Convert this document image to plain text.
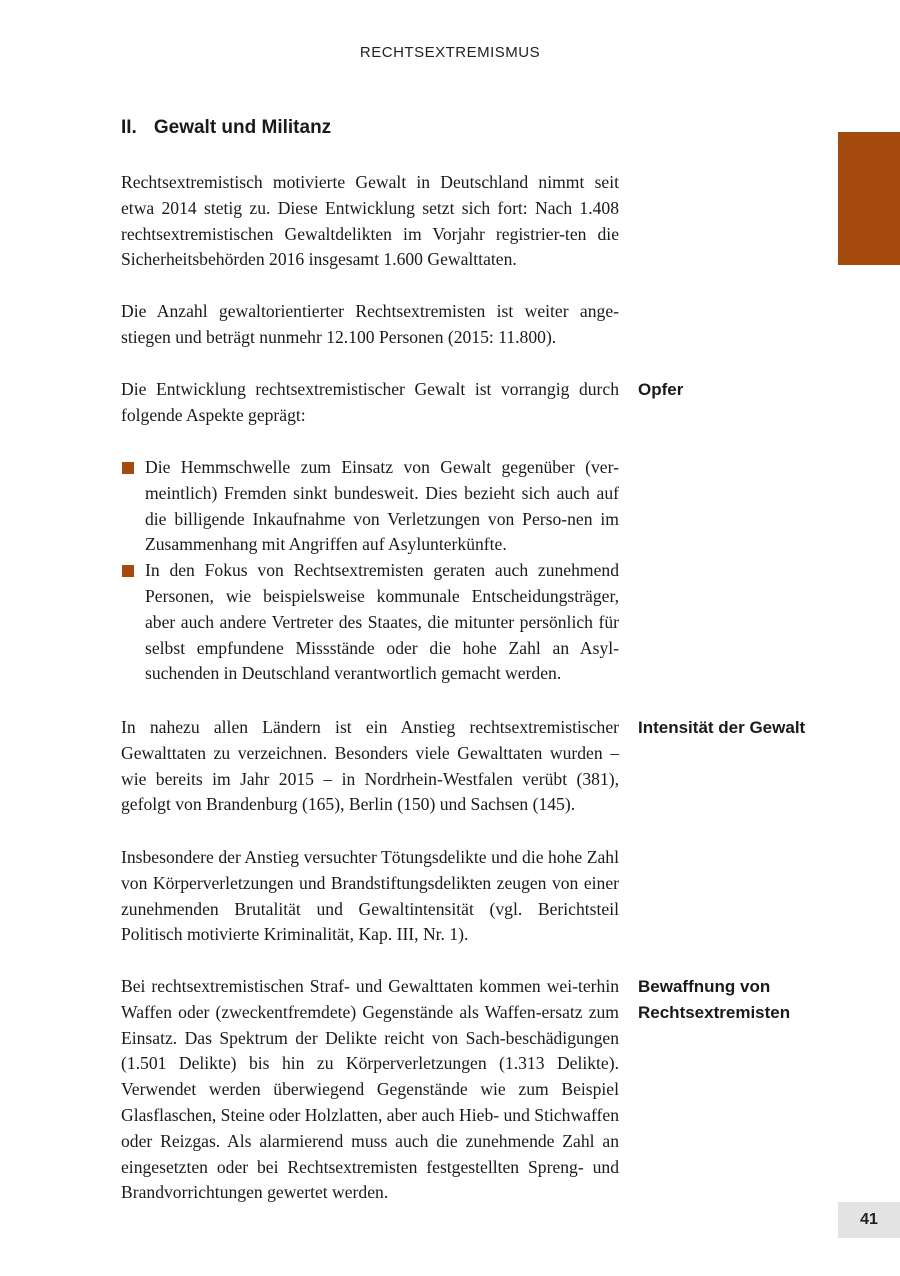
RECHTSEXTREMISMUS
II. Gewalt und Militanz

Rechtsextremistisch motivierte Gewalt in Deutschland nimmt seit etwa 2014 stetig zu. Diese Entwicklung setzt sich fort: Nach 1.408 rechtsextremistischen Gewaltdelikten im Vorjahr registrier-ten die Sicherheitsbehörden 2016 insgesamt 1.600 Gewalttaten.

Die Anzahl gewaltorientierter Rechtsextremisten ist weiter ange-stiegen und beträgt nunmehr 12.100 Personen (2015: 11.800).

Die Entwicklung rechtsextremistischer Gewalt ist vorrangig durch folgende Aspekte geprägt:

Die Hemmschwelle zum Einsatz von Gewalt gegenüber (ver-meintlich) Fremden sinkt bundesweit. Dies bezieht sich auch auf die billigende Inkaufnahme von Verletzungen von Perso-nen im Zusammenhang mit Angriffen auf Asylunterkünfte.
In den Fokus von Rechtsextremisten geraten auch zunehmend Personen, wie beispielsweise kommunale Entscheidungsträger, aber auch andere Vertreter des Staates, die mitunter persönlich für selbst empfundene Missstände oder die hohe Zahl an Asyl-suchenden in Deutschland verantwortlich gemacht werden.

In nahezu allen Ländern ist ein Anstieg rechtsextremistischer Gewalttaten zu verzeichnen. Besonders viele Gewalttaten wurden – wie bereits im Jahr 2015 – in Nordrhein-Westfalen verübt (381), gefolgt von Brandenburg (165), Berlin (150) und Sachsen (145).

Insbesondere der Anstieg versuchter Tötungsdelikte und die hohe Zahl von Körperverletzungen und Brandstiftungsdelikten zeugen von einer zunehmenden Brutalität und Gewaltintensität (vgl. Berichtsteil Politisch motivierte Kriminalität, Kap. III, Nr. 1).

Bei rechtsextremistischen Straf- und Gewalttaten kommen wei-terhin Waffen oder (zweckentfremdete) Gegenstände als Waffen-ersatz zum Einsatz. Das Spektrum der Delikte reicht von Sach-beschädigungen (1.501 Delikte) bis hin zu Körperverletzungen (1.313 Delikte). Verwendet werden überwiegend Gegenstände wie zum Beispiel Glasflaschen, Steine oder Holzlatten, aber auch Hieb- und Stichwaffen oder Reizgas. Als alarmierend muss auch die zunehmende Zahl an eingesetzten oder bei Rechtsextremisten festgestellten Spreng- und Brandvorrichtungen gewertet werden.

Opfer
Intensität der Gewalt
Bewaffnung von Rechtsextremisten
41
